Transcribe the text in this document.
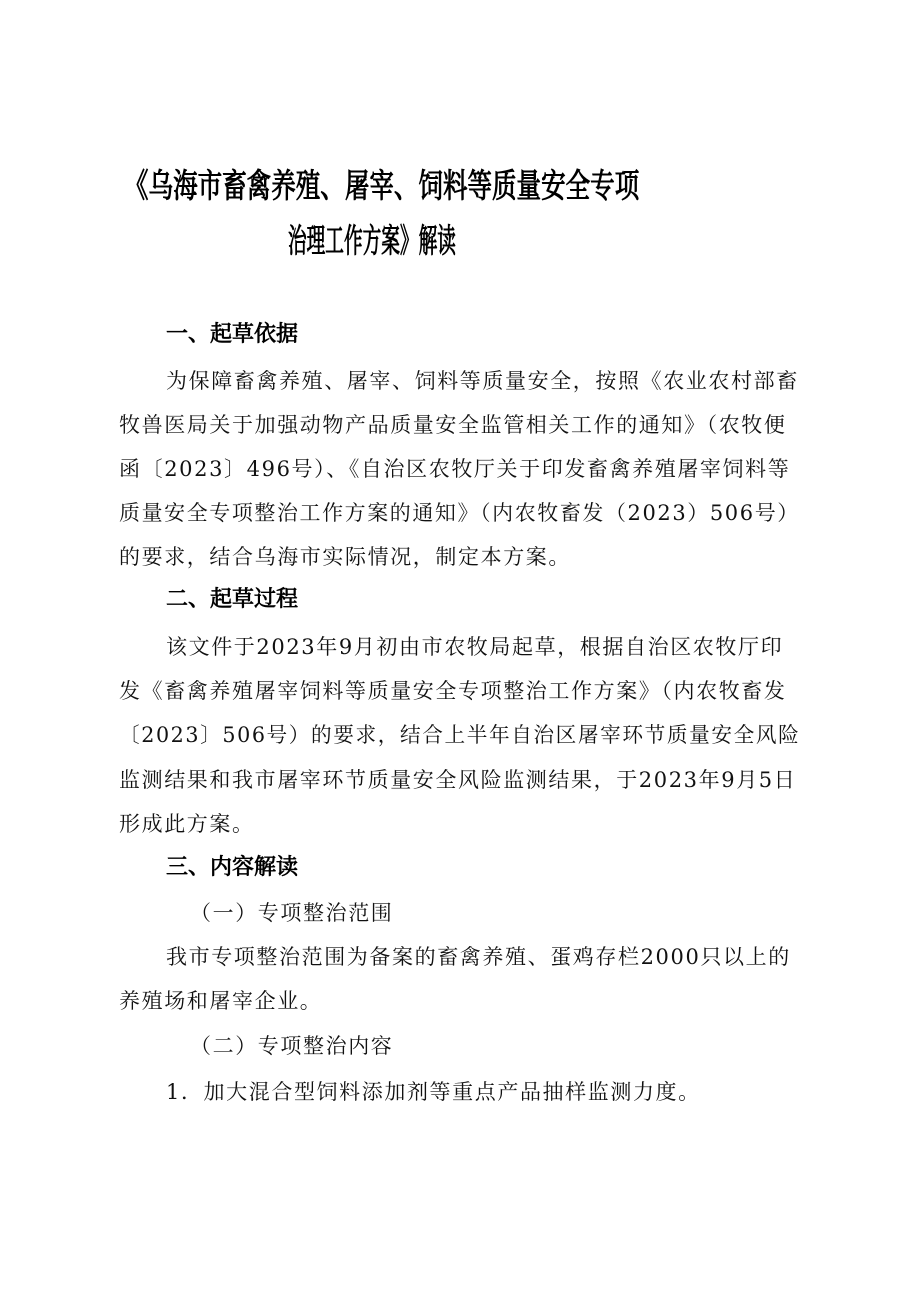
《乌海市畜禽养殖、屠宰、饲料等质量安全专项
治理工作方案》解读
一、起草依据
为保障畜禽养殖、屠宰、饲料等质量安全，按照《农业农村部畜
牧兽医局关于加强动物产品质量安全监管相关工作的通知》（农牧便
函〔2023〕496号）、《自治区农牧厅关于印发畜禽养殖屠宰饲料等
质量安全专项整治工作方案的通知》（内农牧畜发（2023）506号）
的要求，结合乌海市实际情况，制定本方案。
二、起草过程
该文件于2023年9月初由市农牧局起草，根据自治区农牧厅印
发《畜禽养殖屠宰饲料等质量安全专项整治工作方案》（内农牧畜发
〔2023〕506号）的要求，结合上半年自治区屠宰环节质量安全风险
监测结果和我市屠宰环节质量安全风险监测结果，于2023年9月5日
形成此方案。
三、内容解读
（一）专项整治范围
我市专项整治范围为备案的畜禽养殖、蛋鸡存栏2000只以上的
养殖场和屠宰企业。
（二）专项整治内容
1．加大混合型饲料添加剂等重点产品抽样监测力度。
